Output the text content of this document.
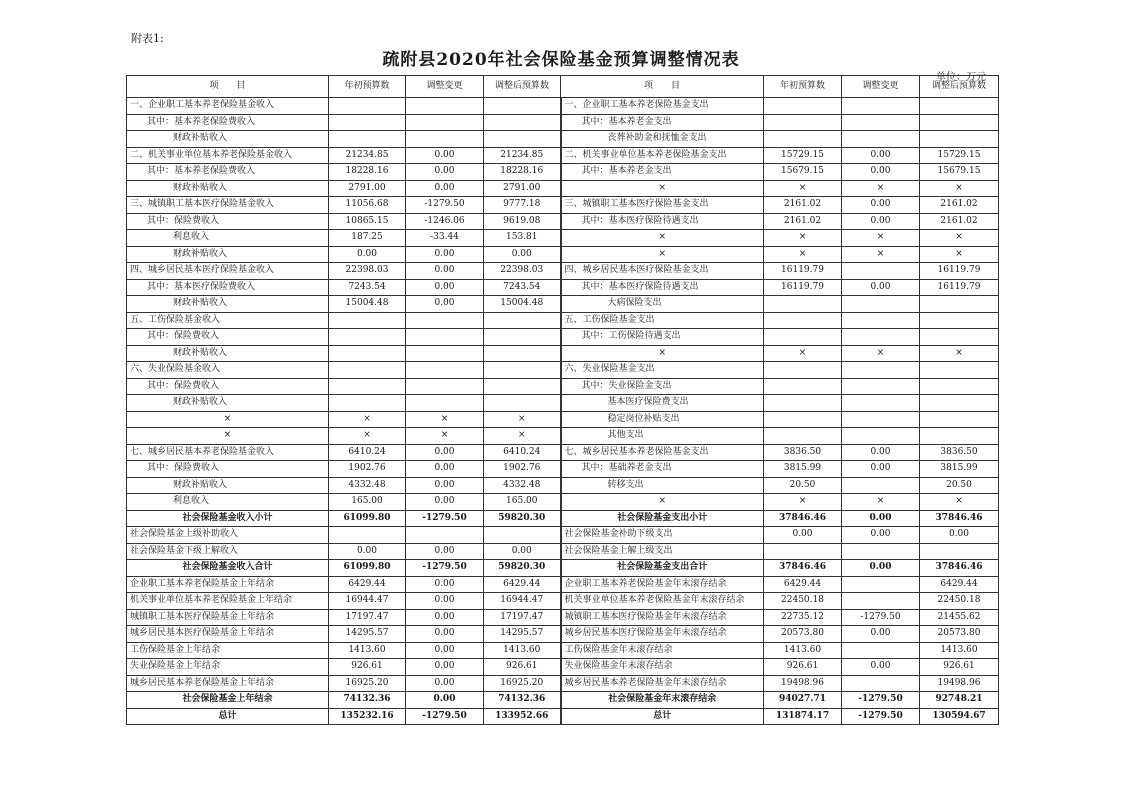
附表1:
疏附县2020年社会保险基金预算调整情况表
单位：万元
项　　目	年初预算数	调整变更	调整后预算数	项　　目	年初预算数	调整变更	调整后预算数
一、企业职工基本养老保险基金收入				一、企业职工基本养老保险基金支出			
其中：基本养老保险费收入				其中：基本养老金支出			
财政补贴收入				丧葬补助金和抚恤金支出			
二、机关事业单位基本养老保险基金收入	21234.85	0.00	21234.85	二、机关事业单位基本养老保险基金支出	15729.15	0.00	15729.15
其中：基本养老保险费收入	18228.16	0.00	18228.16	其中：基本养老金支出	15679.15	0.00	15679.15
财政补贴收入	2791.00	0.00	2791.00	×	×	×	×
三、城镇职工基本医疗保险基金收入	11056.68	-1279.50	9777.18	三、城镇职工基本医疗保险基金支出	2161.02	0.00	2161.02
其中：保险费收入	10865.15	-1246.06	9619.08	其中：基本医疗保险待遇支出	2161.02	0.00	2161.02
利息收入	187.25	-33.44	153.81	×	×	×	×
财政补贴收入	0.00	0.00	0.00	×	×	×	×
四、城乡居民基本医疗保险基金收入	22398.03	0.00	22398.03	四、城乡居民基本医疗保险基金支出	16119.79		16119.79
其中：基本医疗保险费收入	7243.54	0.00	7243.54	其中：基本医疗保险待遇支出	16119.79	0.00	16119.79
财政补贴收入	15004.48	0.00	15004.48	大病保险支出			
五、工伤保险基金收入				五、工伤保险基金支出			
其中：保险费收入				其中：工伤保险待遇支出			
财政补贴收入				×	×	×	×
六、失业保险基金收入				六、失业保险基金支出			
其中：保险费收入				其中：失业保险金支出			
财政补贴收入				基本医疗保险费支出			
×	×	×	×	稳定岗位补贴支出			
×	×	×	×	其他支出			
七、城乡居民基本养老保险基金收入	6410.24	0.00	6410.24	七、城乡居民基本养老保险基金支出	3836.50	0.00	3836.50
其中：保险费收入	1902.76	0.00	1902.76	其中：基础养老金支出	3815.99	0.00	3815.99
财政补贴收入	4332.48	0.00	4332.48	转移支出	20.50		20.50
利息收入	165.00	0.00	165.00	×	×	×	×
社会保险基金收入小计	61099.80	-1279.50	59820.30	社会保险基金支出小计	37846.46	0.00	37846.46
社会保险基金上级补助收入				社会保险基金补助下级支出	0.00	0.00	0.00
社会保险基金下级上解收入	0.00	0.00	0.00	社会保险基金上解上级支出			
社会保险基金收入合计	61099.80	-1279.50	59820.30	社会保险基金支出合计	37846.46	0.00	37846.46
企业职工基本养老保险基金上年结余	6429.44	0.00	6429.44	企业职工基本养老保险基金年末滚存结余	6429.44		6429.44
机关事业单位基本养老保险基金上年结余	16944.47	0.00	16944.47	机关事业单位基本养老保险基金年末滚存结余	22450.18		22450.18
城镇职工基本医疗保险基金上年结余	17197.47	0.00	17197.47	城镇职工基本医疗保险基金年末滚存结余	22735.12	-1279.50	21455.62
城乡居民基本医疗保险基金上年结余	14295.57	0.00	14295.57	城乡居民基本医疗保险基金年末滚存结余	20573.80	0.00	20573.80
工伤保险基金上年结余	1413.60	0.00	1413.60	工伤保险基金年末滚存结余	1413.60		1413.60
失业保险基金上年结余	926.61	0.00	926.61	失业保险基金年末滚存结余	926.61	0.00	926.61
城乡居民基本养老保险基金上年结余	16925.20	0.00	16925.20	城乡居民基本养老保险基金年末滚存结余	19498.96		19498.96
社会保险基金上年结余	74132.36	0.00	74132.36	社会保险基金年末滚存结余	94027.71	-1279.50	92748.21
总计	135232.16	-1279.50	133952.66	总计	131874.17	-1279.50	130594.67
